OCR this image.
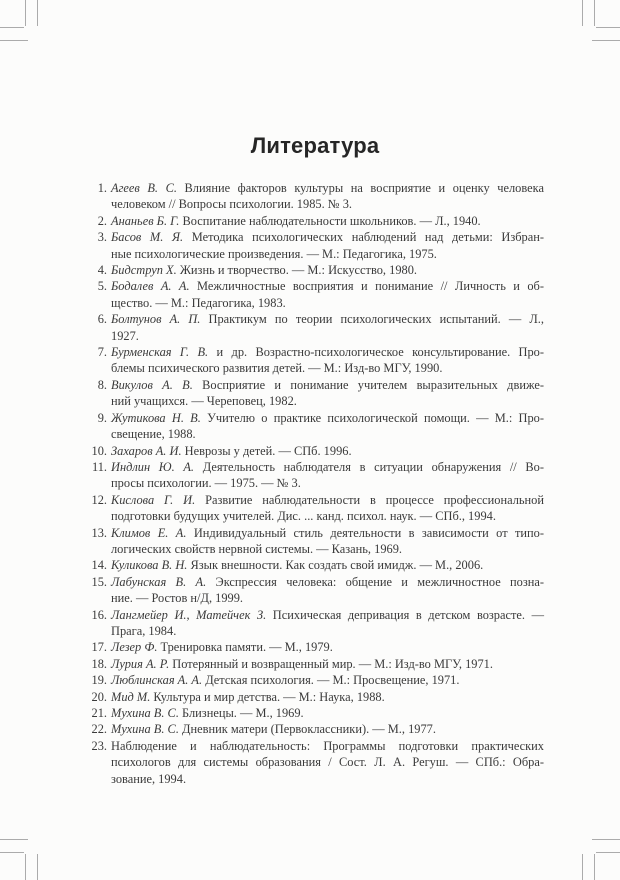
Литература
1. Агеев В. С. Влияние факторов культуры на восприятие и оценку человека
человеком // Вопросы психологии. 1985. № 3.
2. Ананьев Б. Г. Воспитание наблюдательности школьников. — Л., 1940.
3. Басов М. Я. Методика психологических наблюдений над детьми: Избран-
ные психологические произведения. — М.: Педагогика, 1975.
4. Бидструп Х. Жизнь и творчество. — М.: Искусство, 1980.
5. Бодалев А. А. Межличностные восприятия и понимание // Личность и об-
щество. — М.: Педагогика, 1983.
6. Болтунов А. П. Практикум по теории психологических испытаний. — Л.,
1927.
7. Бурменская Г. В. и др. Возрастно-психологическое консультирование. Про-
блемы психического развития детей. — М.: Изд-во МГУ, 1990.
8. Викулов А. В. Восприятие и понимание учителем выразительных движе-
ний учащихся. — Череповец, 1982.
9. Жутикова Н. В. Учителю о практике психологической помощи. — М.: Про-
свещение, 1988.
10. Захаров А. И. Неврозы у детей. — СПб. 1996.
11. Индлин Ю. А. Деятельность наблюдателя в ситуации обнаружения // Во-
просы психологии. — 1975. — № 3.
12. Кислова Г. И. Развитие наблюдательности в процессе профессиональной
подготовки будущих учителей. Дис. ... канд. психол. наук. — СПб., 1994.
13. Климов Е. А. Индивидуальный стиль деятельности в зависимости от типо-
логических свойств нервной системы. — Казань, 1969.
14. Куликова В. Н. Язык внешности. Как создать свой имидж. — М., 2006.
15. Лабунская В. А. Экспрессия человека: общение и межличностное позна-
ние. — Ростов н/Д, 1999.
16. Лангмейер И., Матейчек З. Психическая депривация в детском возрасте. —
Прага, 1984.
17. Лезер Ф. Тренировка памяти. — М., 1979.
18. Лурия А. Р. Потерянный и возвращенный мир. — М.: Изд-во МГУ, 1971.
19. Люблинская А. А. Детская психология. — М.: Просвещение, 1971.
20. Мид М. Культура и мир детства. — М.: Наука, 1988.
21. Мухина В. С. Близнецы. — М., 1969.
22. Мухина В. С. Дневник матери (Первоклассники). — М., 1977.
23. Наблюдение и наблюдательность: Программы подготовки практических
психологов для системы образования / Сост. Л. А. Регуш. — СПб.: Обра-
зование, 1994.
